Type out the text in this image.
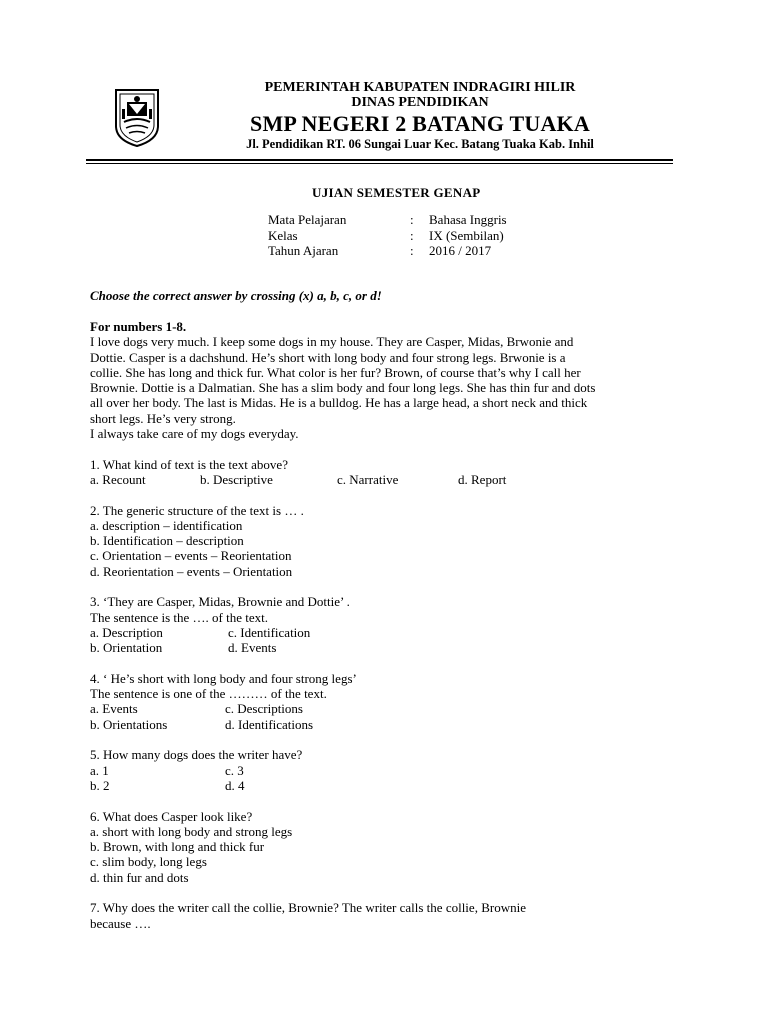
PEMERINTAH KABUPATEN INDRAGIRI HILIR

DINAS PENDIDIKAN

SMP NEGERI 2 BATANG TUAKA

Jl. Pendidikan RT. 06 Sungai Luar Kec. Batang Tuaka Kab. Inhil

UJIAN SEMESTER GENAP
Mata Pelajaran	:	Bahasa Inggris
Kelas	:	IX (Sembilan)
Tahun Ajaran	:	2016 / 2017
Choose the correct answer by crossing (x) a, b, c, or d!

For numbers 1-8.

I love dogs very much. I keep some dogs in my house. They are Casper, Midas, Brwonie and

Dottie. Casper is a dachshund. He’s short with long body and four strong legs. Brwonie is a

collie. She has long and thick fur. What color is her fur? Brown, of course that’s why I call her

Brownie. Dottie is a Dalmatian. She has a slim body and four long legs. She has thin fur and dots

all over her body. The last is Midas. He is a bulldog. He has a large head, a short neck and thick

short legs. He’s very strong.

I always take care of my dogs everyday.

1. What kind of text is the text above?

a. Recount	b. Descriptive	c. Narrative	d. Report

2. The generic structure of the text is … .

a. description – identification

b. Identification – description

c. Orientation – events – Reorientation

d. Reorientation – events – Orientation

3. ‘They are Casper, Midas, Brownie and Dottie’ .

The sentence is the …. of the text.

a. Description	c. Identification
b. Orientation	d. Events

4. ‘ He’s short with long body and four strong legs’

The sentence is one of the ……… of the text.

a. Events	c. Descriptions
b. Orientations	d. Identifications

5. How many dogs does the writer have?

a. 1	c. 3
b. 2	d. 4

6. What does Casper look like?

a. short with long body and strong legs

b. Brown, with long and thick fur

c. slim body, long legs

d. thin fur and dots

7. Why does the writer call the collie, Brownie? The writer calls the collie, Brownie

because ….
